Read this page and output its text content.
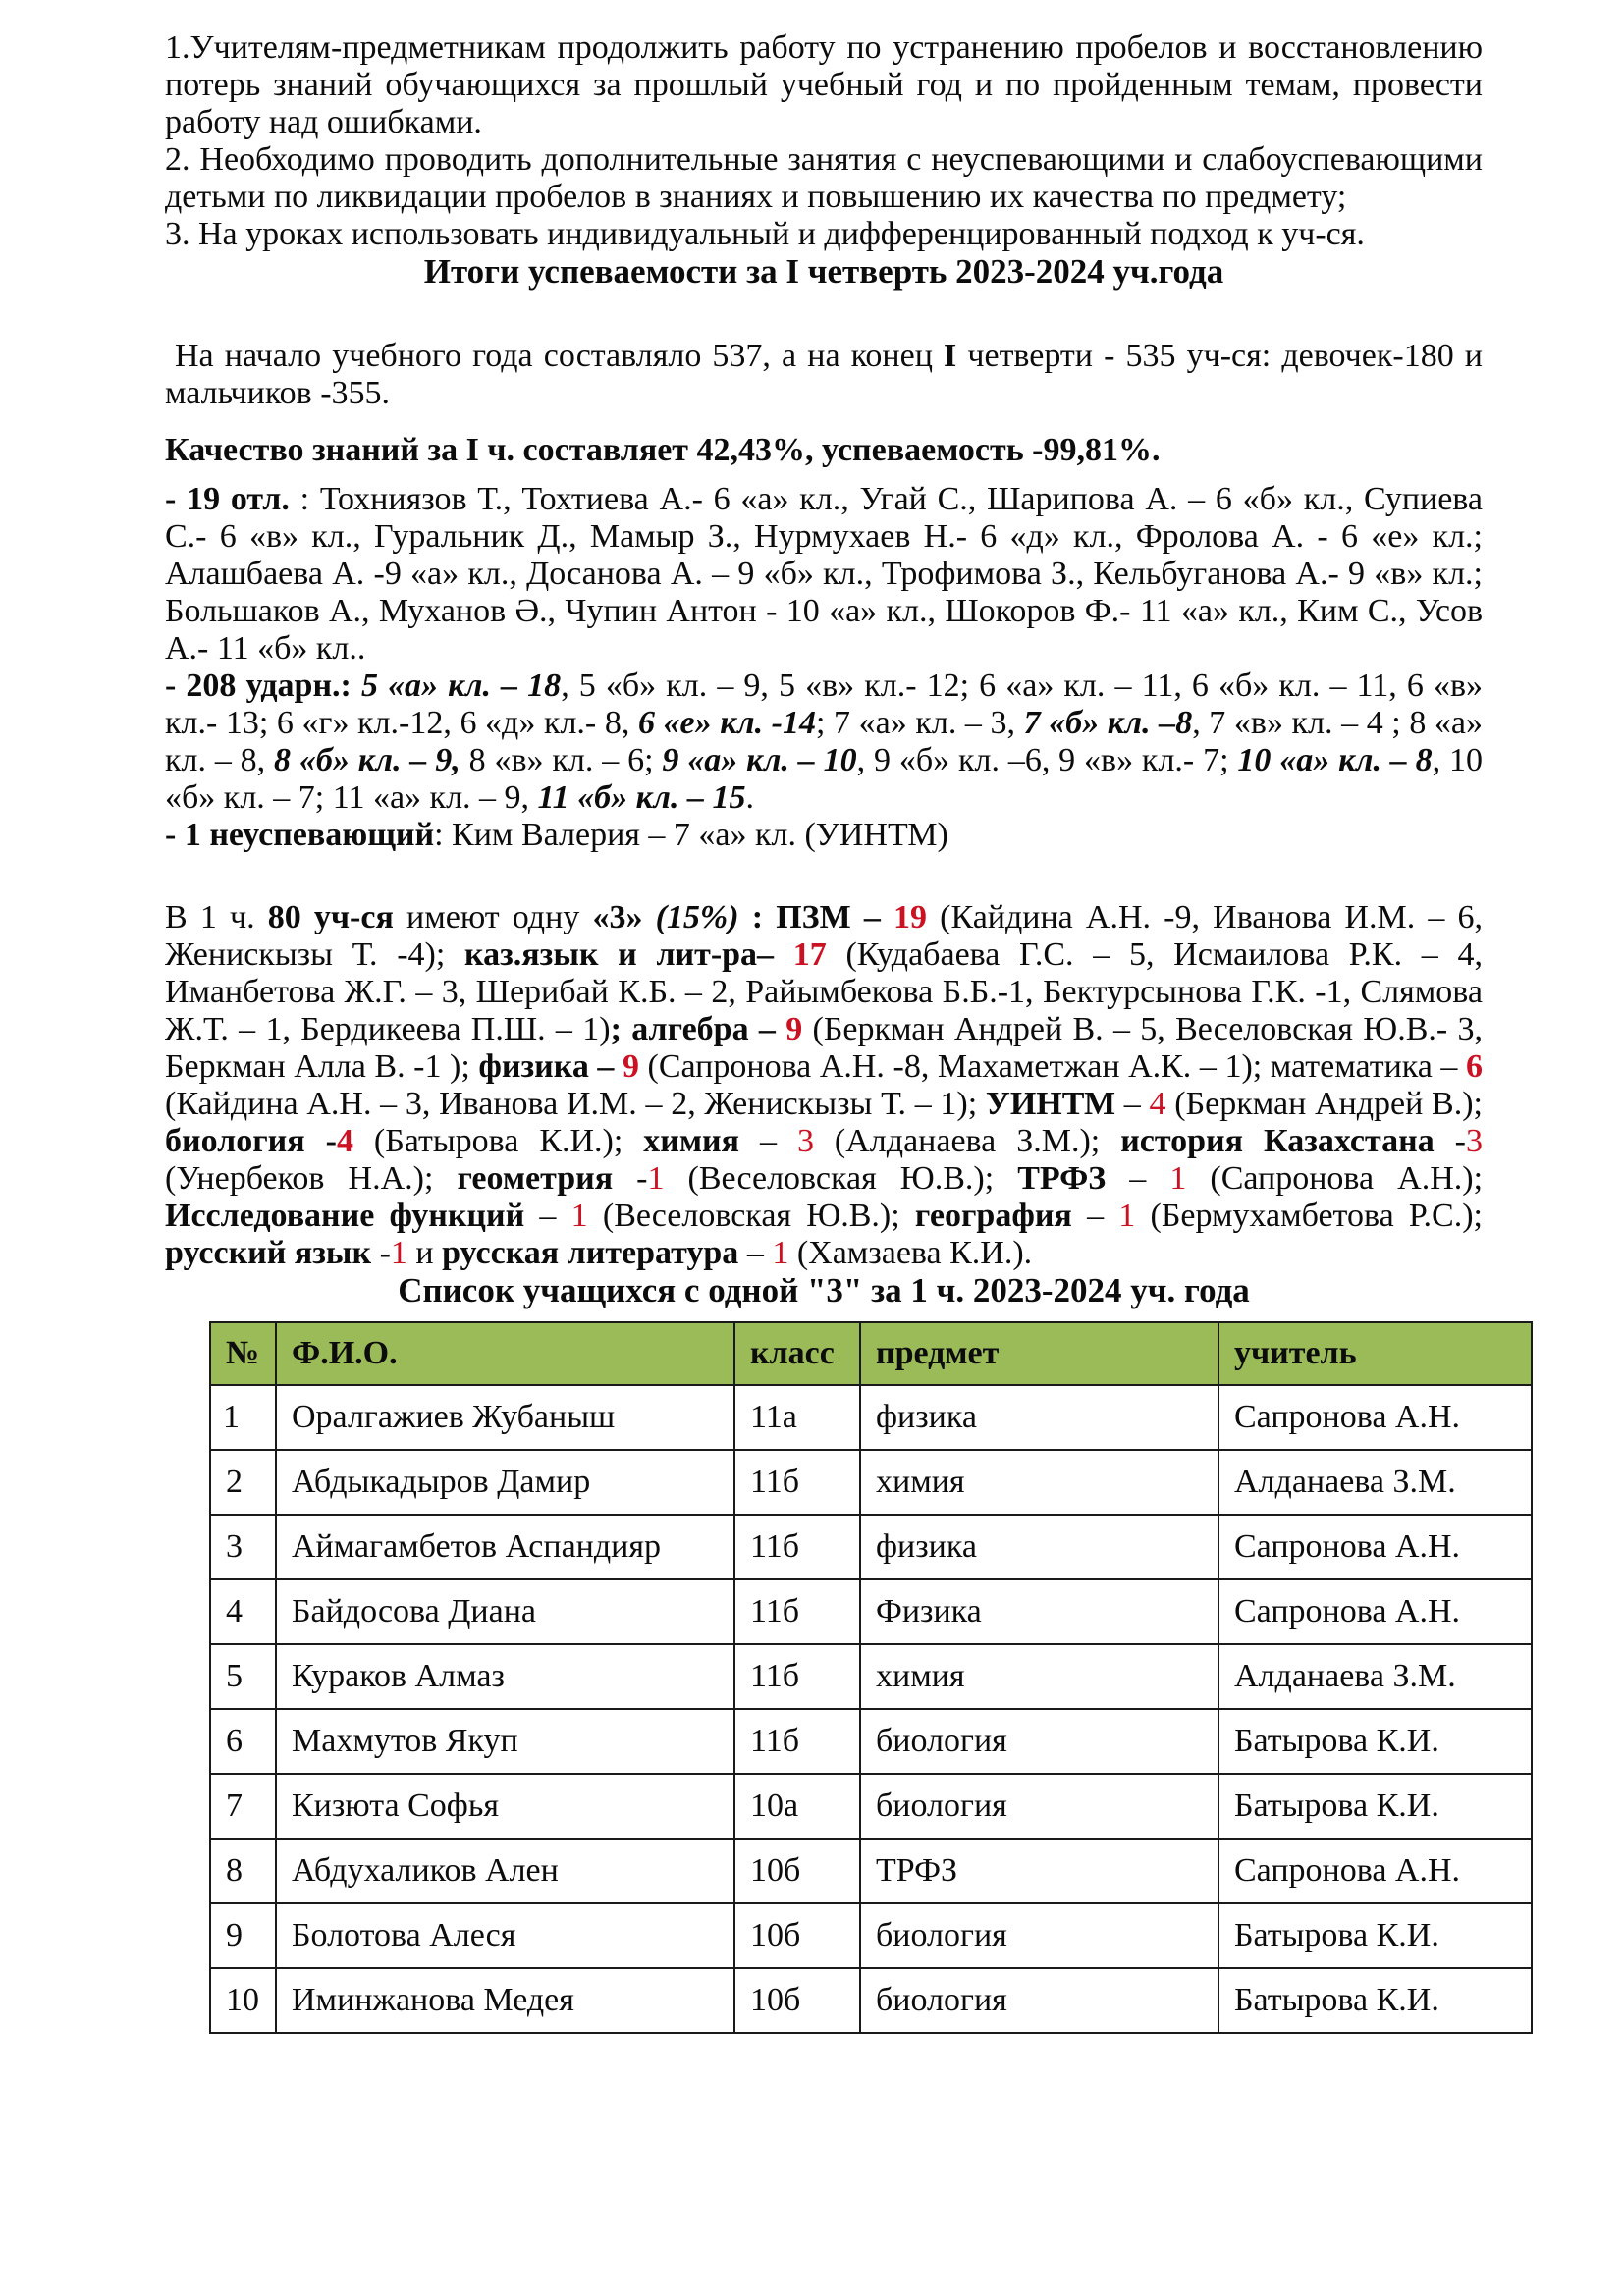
1.Учителям-предметникам продолжить работу по устранению пробелов и восстановлению потерь знаний обучающихся за прошлый учебный год и по пройденным темам, провести работу над ошибками.

2. Необходимо проводить дополнительные занятия с неуспевающими и слабоуспевающими детьми по ликвидации пробелов в знаниях и повышению их качества по предмету;

3. На уроках использовать индивидуальный и дифференцированный подход к уч-ся.

Итоги успеваемости за I четверть 2023-2024 уч.года

На начало учебного года составляло 537, а на конец I четверти - 535 уч-ся: девочек-180 и мальчиков -355.

Качество знаний за I ч. составляет 42,43%, успеваемость -99,81%.

- 19 отл. : Тохниязов Т., Тохтиева А.- 6 «а» кл., Угай С., Шарипова А. – 6 «б» кл., Супиева С.- 6 «в» кл., Гуральник Д., Мамыр З., Нурмухаев Н.- 6 «д» кл., Фролова А. - 6 «е» кл.; Алашбаева А. -9 «а» кл., Досанова А. – 9 «б» кл., Трофимова З., Кельбуганова А.- 9 «в» кл.; Большаков А., Муханов Ә., Чупин Антон - 10 «а» кл., Шокоров Ф.- 11 «а» кл., Ким С., Усов А.- 11 «б» кл..

- 208 ударн.: 5 «а» кл. – 18, 5 «б» кл. – 9, 5 «в» кл.- 12; 6 «а» кл. – 11, 6 «б» кл. – 11, 6 «в» кл.- 13; 6 «г» кл.-12, 6 «д» кл.- 8, 6 «е» кл. -14; 7 «а» кл. – 3, 7 «б» кл. –8, 7 «в» кл. – 4 ; 8 «а» кл. – 8, 8 «б» кл. – 9, 8 «в» кл. – 6; 9 «а» кл. – 10, 9 «б» кл. –6, 9 «в» кл.- 7; 10 «а» кл. – 8, 10 «б» кл. – 7; 11 «а» кл. – 9, 11 «б» кл. – 15.

- 1 неуспевающий: Ким Валерия – 7 «а» кл. (УИНТМ)

В 1 ч. 80 уч-ся имеют одну «3» (15%) : ПЗМ – 19 (Кайдина А.Н. -9, Иванова И.М. – 6, Женискызы Т. -4); каз.язык и лит-ра– 17 (Кудабаева Г.С. – 5, Исмаилова Р.К. – 4, Иманбетова Ж.Г. – 3, Шерибай К.Б. – 2, Райымбекова Б.Б.-1, Бектурсынова Г.К. -1, Слямова Ж.Т. – 1, Бердикеева П.Ш. – 1); алгебра – 9 (Беркман Андрей В. – 5, Веселовская Ю.В.- 3, Беркман Алла В. -1 ); физика – 9 (Сапронова А.Н. -8, Махаметжан А.К. – 1); математика – 6 (Кайдина А.Н. – 3, Иванова И.М. – 2, Женискызы Т. – 1); УИНТМ – 4 (Беркман Андрей В.); биология -4 (Батырова К.И.); химия – 3 (Алданаева З.М.); история Казахстана -3 (Унербеков Н.А.); геометрия -1 (Веселовская Ю.В.); ТРФЗ – 1 (Сапронова А.Н.); Исследование функций – 1 (Веселовская Ю.В.); география – 1 (Бермухамбетова Р.С.); русский язык -1 и русская литература – 1 (Хамзаева К.И.).

Список учащихся с одной "3" за 1 ч. 2023-2024 уч. года
№	Ф.И.О.	класс	предмет	учитель
1	Оралгажиев Жубаныш	11а	физика	Сапронова А.Н.
2	Абдыкадыров Дамир	11б	химия	Алданаева З.М.
3	Аймагамбетов Аспандияр	11б	физика	Сапронова А.Н.
4	Байдосова Диана	11б	Физика	Сапронова А.Н.
5	Кураков Алмаз	11б	химия	Алданаева З.М.
6	Махмутов Якуп	11б	биология	Батырова К.И.
7	Кизюта Софья	10а	биология	Батырова К.И.
8	Абдухаликов Ален	10б	ТРФЗ	Сапронова А.Н.
9	Болотова Алеся	10б	биология	Батырова К.И.
10	Иминжанова Медея	10б	биология	Батырова К.И.
